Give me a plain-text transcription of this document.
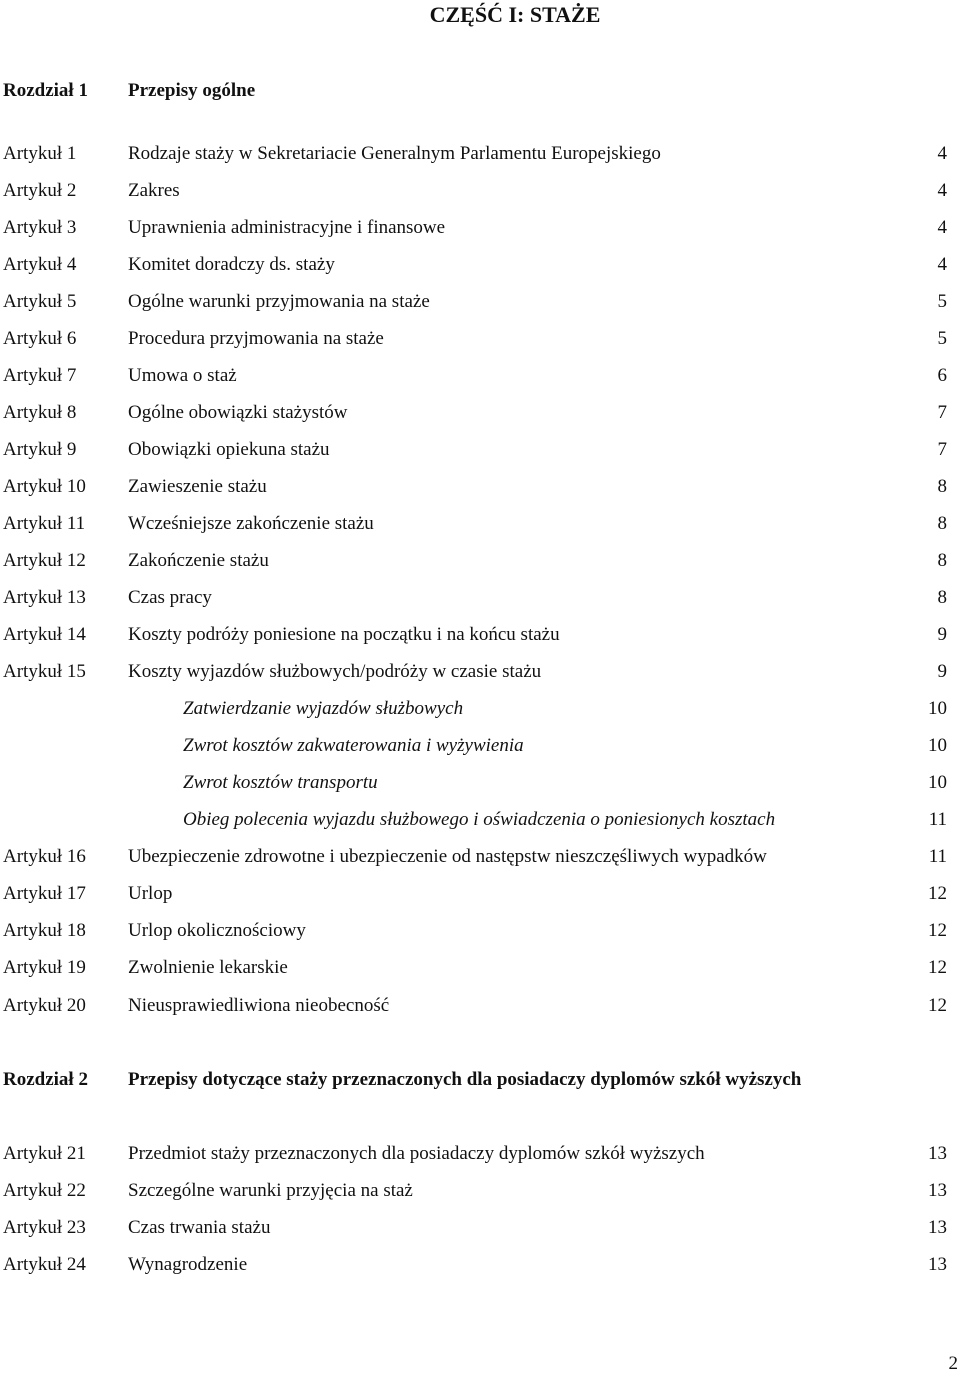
CZĘŚĆ I: STAŻE
Rozdział 1 Przepisy ogólne
Artykuł 1	Rodzaje staży w Sekretariacie Generalnym Parlamentu Europejskiego	4
Artykuł 2	Zakres	4
Artykuł 3	Uprawnienia administracyjne i finansowe	4
Artykuł 4	Komitet doradczy ds. staży	4
Artykuł 5	Ogólne warunki przyjmowania na staże	5
Artykuł 6	Procedura przyjmowania na staże	5
Artykuł 7	Umowa o staż	6
Artykuł 8	Ogólne obowiązki stażystów	7
Artykuł 9	Obowiązki opiekuna stażu	7
Artykuł 10 Zawieszenie stażu	8
Artykuł 11 Wcześniejsze zakończenie stażu	8
Artykuł 12 Zakończenie stażu	8
Artykuł 13 Czas pracy	8
Artykuł 14 Koszty podróży poniesione na początku i na końcu stażu	9
Artykuł 15 Koszty wyjazdów służbowych/podróży w czasie stażu	9
Zatwierdzanie wyjazdów służbowych	10
Zwrot kosztów zakwaterowania i wyżywienia	10
Zwrot kosztów transportu	10
Obieg polecenia wyjazdu służbowego i oświadczenia o poniesionych kosztach	11
Artykuł 16 Ubezpieczenie zdrowotne i ubezpieczenie od następstw nieszczęśliwych wypadków	11
Artykuł 17 Urlop	12
Artykuł 18 Urlop okolicznościowy	12
Artykuł 19 Zwolnienie lekarskie	12
Artykuł 20 Nieusprawiedliwiona nieobecność	12
Rozdział 2 Przepisy dotyczące staży przeznaczonych dla posiadaczy dyplomów szkół wyższych
Artykuł 21 Przedmiot staży przeznaczonych dla posiadaczy dyplomów szkół wyższych	13
Artykuł 22 Szczególne warunki przyjęcia na staż	13
Artykuł 23 Czas trwania stażu	13
Artykuł 24 Wynagrodzenie	13
2
